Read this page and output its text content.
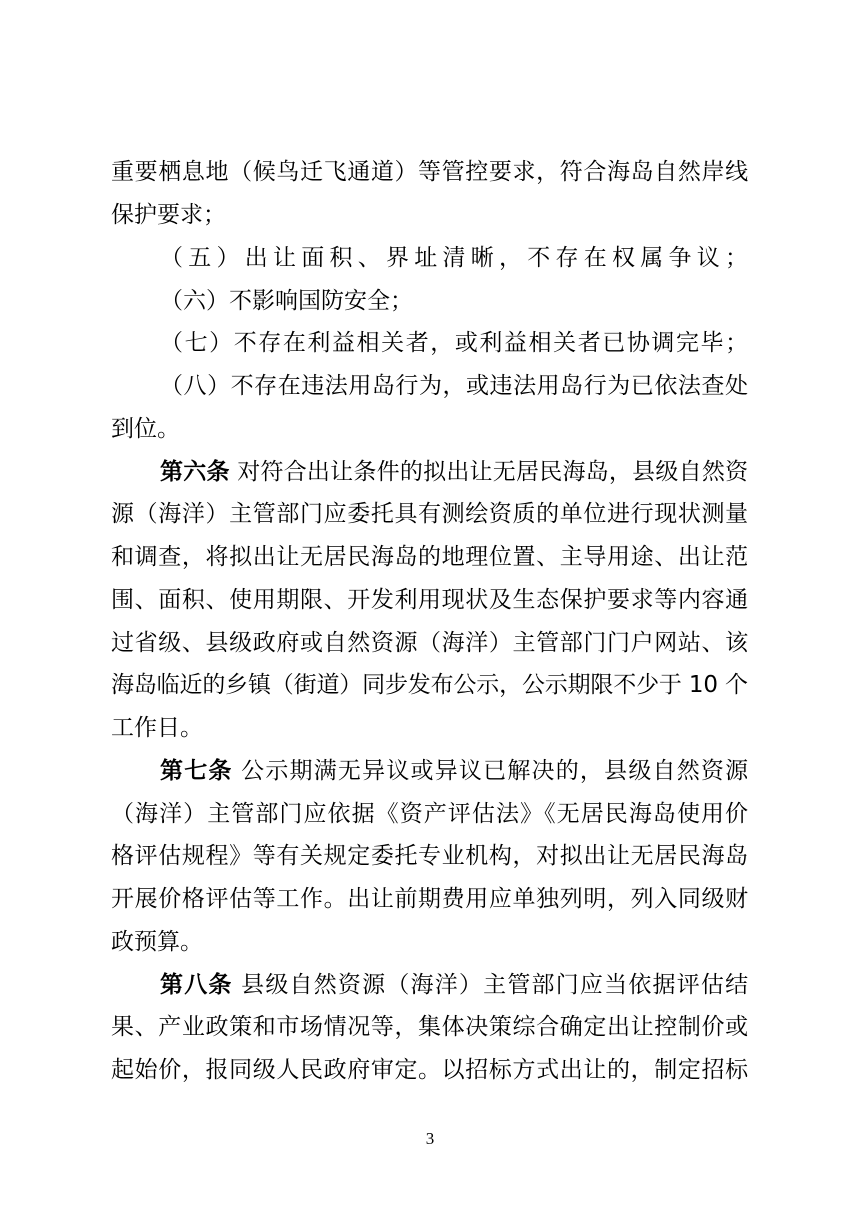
重要栖息地（候鸟迁飞通道）等管控要求，符合海岛自然岸线
保护要求；
（五）出让面积、界址清晰，不存在权属争议；
（六）不影响国防安全；
（七）不存在利益相关者，或利益相关者已协调完毕；
（八）不存在违法用岛行为，或违法用岛行为已依法查处
到位。
第六条 对符合出让条件的拟出让无居民海岛，县级自然资
源（海洋）主管部门应委托具有测绘资质的单位进行现状测量
和调查，将拟出让无居民海岛的地理位置、主导用途、出让范
围、面积、使用期限、开发利用现状及生态保护要求等内容通
过省级、县级政府或自然资源（海洋）主管部门门户网站、该
海岛临近的乡镇（街道）同步发布公示，公示期限不少于 10 个
工作日。
第七条 公示期满无异议或异议已解决的，县级自然资源
（海洋）主管部门应依据《资产评估法》《无居民海岛使用价
格评估规程》等有关规定委托专业机构，对拟出让无居民海岛
开展价格评估等工作。出让前期费用应单独列明，列入同级财
政预算。
第八条 县级自然资源（海洋）主管部门应当依据评估结
果、产业政策和市场情况等，集体决策综合确定出让控制价或
起始价，报同级人民政府审定。以招标方式出让的，制定招标
3
